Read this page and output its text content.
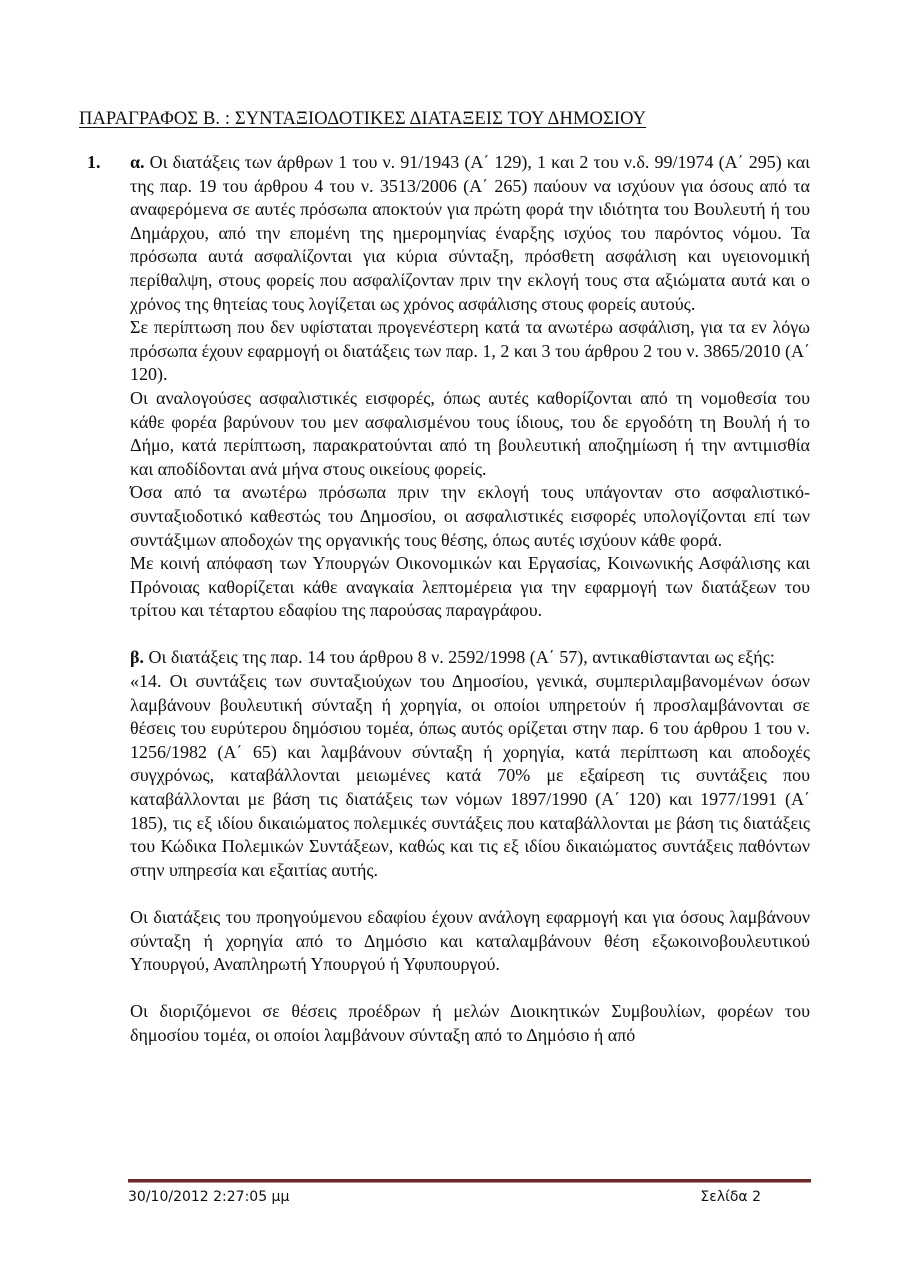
ΠΑΡΑΓΡΑΦΟΣ Β. : ΣΥΝΤΑΞΙΟΔΟΤΙΚΕΣ ΔΙΑΤΑΞΕΙΣ ΤΟΥ ΔΗΜΟΣΙΟΥ
1. α. Οι διατάξεις των άρθρων 1 του ν. 91/1943 (Α΄ 129), 1 και 2 του ν.δ. 99/1974 (Α΄ 295) και της παρ. 19 του άρθρου 4 του ν. 3513/2006 (Α΄ 265) παύουν να ισχύουν για όσους από τα αναφερόμενα σε αυτές πρόσωπα αποκτούν για πρώτη φορά την ιδιότητα του Βουλευτή ή του Δημάρχου, από την επομένη της ημερομηνίας έναρξης ισχύος του παρόντος νόμου. Τα πρόσωπα αυτά ασφαλίζονται για κύρια σύνταξη, πρόσθετη ασφάλιση και υγειονομική περίθαλψη, στους φορείς που ασφαλίζονταν πριν την εκλογή τους στα αξιώματα αυτά και ο χρόνος της θητείας τους λογίζεται ως χρόνος ασφάλισης στους φορείς αυτούς.

Σε περίπτωση που δεν υφίσταται προγενέστερη κατά τα ανωτέρω ασφάλιση, για τα εν λόγω πρόσωπα έχουν εφαρμογή οι διατάξεις των παρ. 1, 2 και 3 του άρθρου 2 του ν. 3865/2010 (Α΄ 120).

Οι αναλογούσες ασφαλιστικές εισφορές, όπως αυτές καθορίζονται από τη νομοθεσία του κάθε φορέα βαρύνουν του μεν ασφαλισμένου τους ίδιους, του δε εργοδότη τη Βουλή ή το Δήμο, κατά περίπτωση, παρακρατούνται από τη βουλευτική αποζημίωση ή την αντιμισθία και αποδίδονται ανά μήνα στους οικείους φορείς.

Όσα από τα ανωτέρω πρόσωπα πριν την εκλογή τους υπάγονταν στο ασφαλιστικό-συνταξιοδοτικό καθεστώς του Δημοσίου, οι ασφαλιστικές εισφορές υπολογίζονται επί των συντάξιμων αποδοχών της οργανικής τους θέσης, όπως αυτές ισχύουν κάθε φορά.

Με κοινή απόφαση των Υπουργών Οικονομικών και Εργασίας, Κοινωνικής Ασφάλισης και Πρόνοιας καθορίζεται κάθε αναγκαία λεπτομέρεια για την εφαρμογή των διατάξεων του τρίτου και τέταρτου εδαφίου της παρούσας παραγράφου.

β. Οι διατάξεις της παρ. 14 του άρθρου 8 ν. 2592/1998 (Α΄ 57), αντικαθίστανται ως εξής:

«14. Οι συντάξεις των συνταξιούχων του Δημοσίου, γενικά, συμπεριλαμβανομένων όσων λαμβάνουν βουλευτική σύνταξη ή χορηγία, οι οποίοι υπηρετούν ή προσλαμβάνονται σε θέσεις του ευρύτερου δημόσιου τομέα, όπως αυτός ορίζεται στην παρ. 6 του άρθρου 1 του ν. 1256/1982 (Α΄ 65) και λαμβάνουν σύνταξη ή χορηγία, κατά περίπτωση και αποδοχές συγχρόνως, καταβάλλονται μειωμένες κατά 70% με εξαίρεση τις συντάξεις που καταβάλλονται με βάση τις διατάξεις των νόμων 1897/1990 (Α΄ 120) και 1977/1991 (Α΄ 185), τις εξ ιδίου δικαιώματος πολεμικές συντάξεις που καταβάλλονται με βάση τις διατάξεις του Κώδικα Πολεμικών Συντάξεων, καθώς και τις εξ ιδίου δικαιώματος συντάξεις παθόντων στην υπηρεσία και εξαιτίας αυτής.

Οι διατάξεις του προηγούμενου εδαφίου έχουν ανάλογη εφαρμογή και για όσους λαμβάνουν σύνταξη ή χορηγία από το Δημόσιο και καταλαμβάνουν θέση εξωκοινοβουλευτικού Υπουργού, Αναπληρωτή Υπουργού ή Υφυπουργού.

Οι διοριζόμενοι σε θέσεις προέδρων ή μελών Διοικητικών Συμβουλίων, φορέων του δημοσίου τομέα, οι οποίοι λαμβάνουν σύνταξη από το Δημόσιο ή από

30/10/2012 2:27:05 μμ	Σελίδα 2
